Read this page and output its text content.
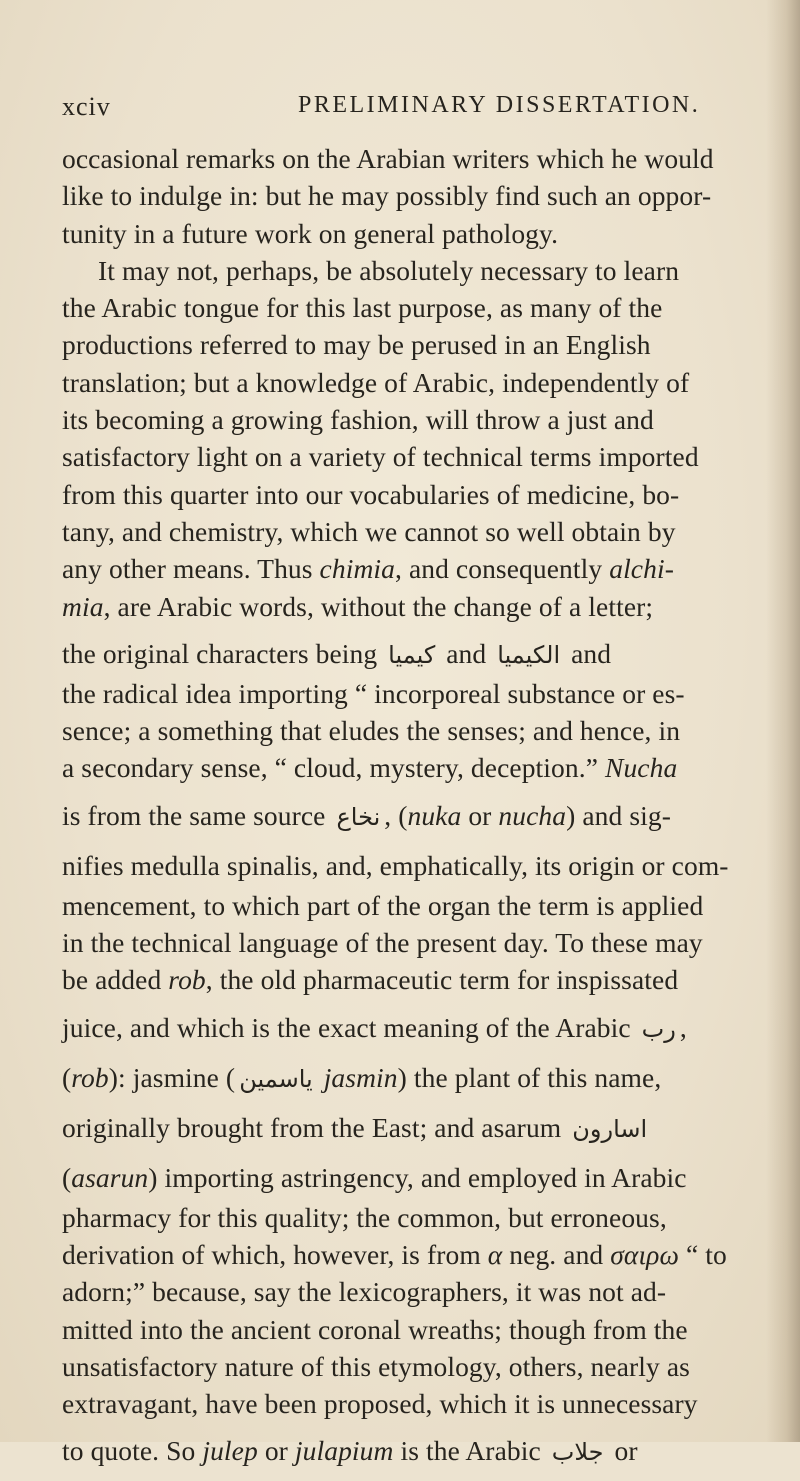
xciv	PRELIMINARY DISSERTATION.
occasional remarks on the Arabian writers which he would
like to indulge in: but he may possibly find such an oppor-
tunity in a future work on general pathology.
It may not, perhaps, be absolutely necessary to learn
the Arabic tongue for this last purpose, as many of the
productions referred to may be perused in an English
translation; but a knowledge of Arabic, independently of
its becoming a growing fashion, will throw a just and
satisfactory light on a variety of technical terms imported
from this quarter into our vocabularies of medicine, bo-
tany, and chemistry, which we cannot so well obtain by
any other means. Thus chimia, and consequently alchi-
mia, are Arabic words, without the change of a letter;
the original characters being كيميا and الكيميا and
the radical idea importing “ incorporeal substance or es-
sence; a something that eludes the senses; and hence, in
a secondary sense, “ cloud, mystery, deception.” Nucha
is from the same source نخاع , (nuka or nucha) and sig-
nifies medulla spinalis, and, emphatically, its origin or com-
mencement, to which part of the organ the term is applied
in the technical language of the present day. To these may
be added rob, the old pharmaceutic term for inspissated
juice, and which is the exact meaning of the Arabic رب ,
(rob): jasmine ( ياسمين jasmin) the plant of this name,
originally brought from the East; and asarum اسارون
(asarun) importing astringency, and employed in Arabic
pharmacy for this quality; the common, but erroneous,
derivation of which, however, is from α neg. and σαιρω “ to
adorn;” because, say the lexicographers, it was not ad-
mitted into the ancient coronal wreaths; though from the
unsatisfactory nature of this etymology, others, nearly as
extravagant, have been proposed, which it is unnecessary
to quote. So julep or julapium is the Arabic جلاب or
